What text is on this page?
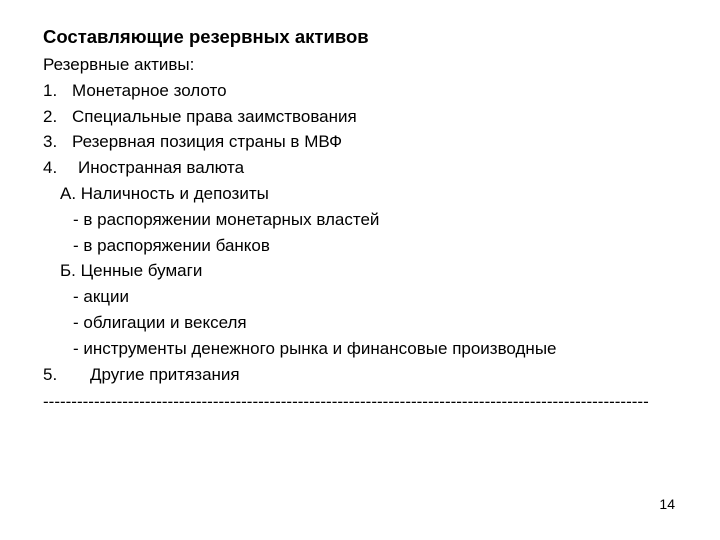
Составляющие резервных активов
Резервные активы:
1. Монетарное золото
2. Специальные права заимствования
3. Резервная позиция страны в МВФ
4. Иностранная валюта
А. Наличность и депозиты
- в распоряжении монетарных властей
- в распоряжении банков
Б. Ценные бумаги
- акции
- облигации и векселя
- инструменты денежного рынка и финансовые производные
5. Другие притязания
-----------------------------------------------------------------------------------------------------------
14
